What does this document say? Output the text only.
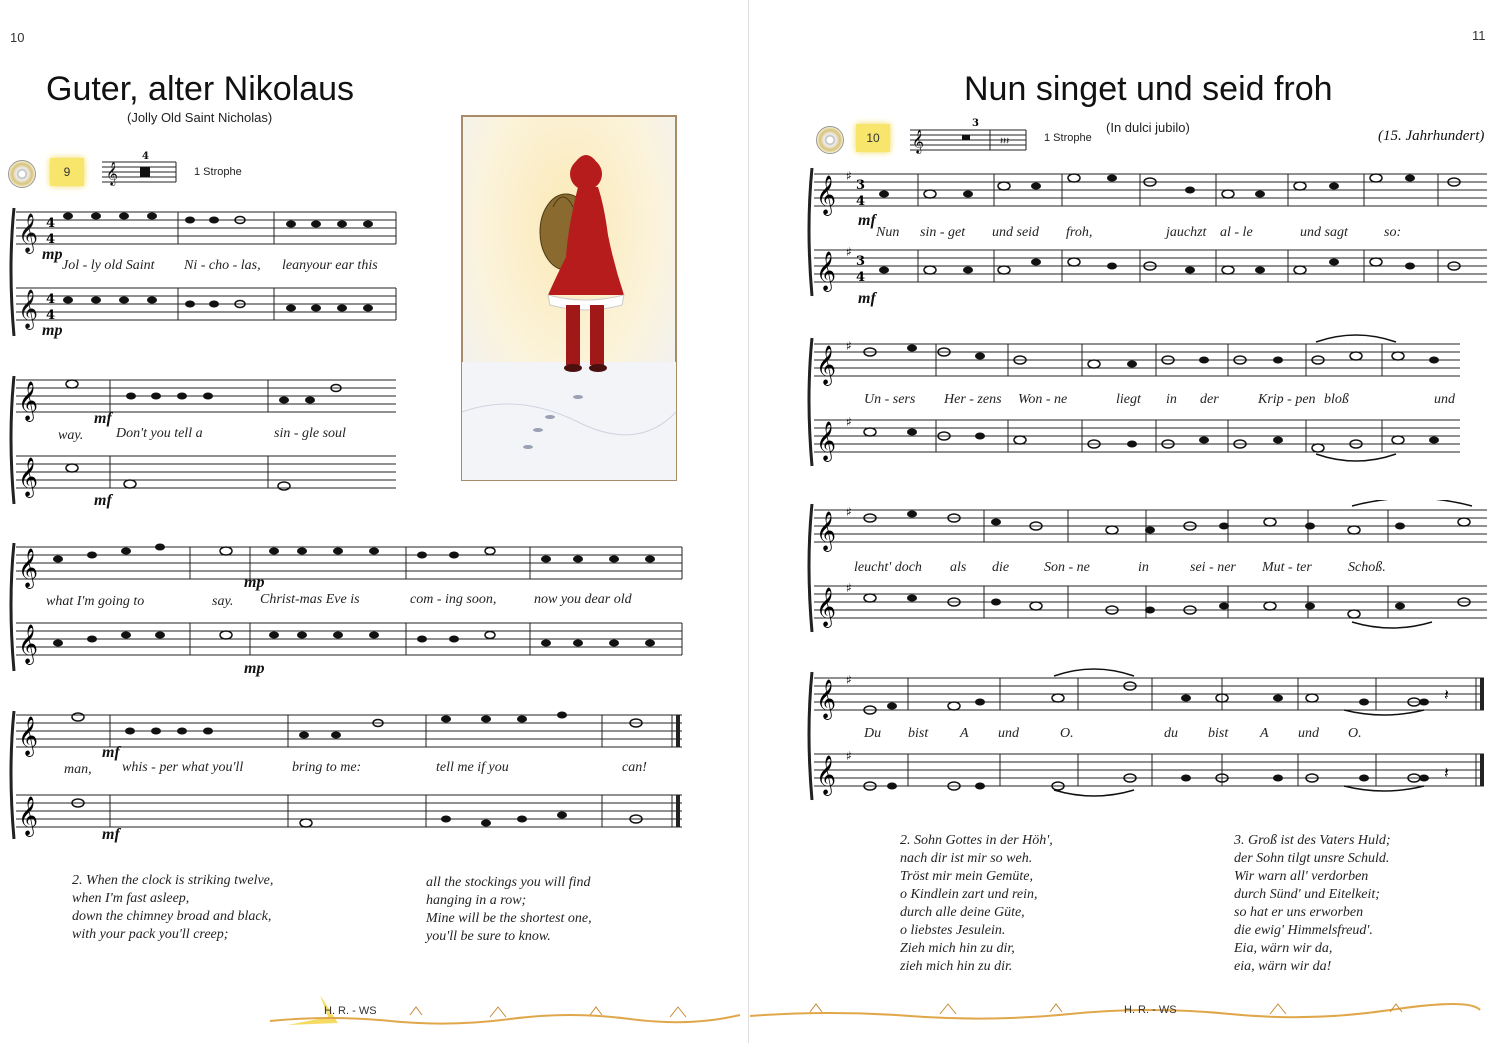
10
Guter, alter Nikolaus
(Jolly Old Saint Nicholas)
9 𝄞
4
1 Strophe
𝄞
𝄞
4
4
4
4
mp
mp
Jol - ly old Saint Ni - cho - las, leanyour ear this
𝄞
𝄞
mf
mf
way. Don't you tell a	sin - gle soul
𝄞
𝄞
mp
mp
what I'm going to	say. Christ-mas Eve is	com - ing soon,	now you dear old
𝄞
𝄞
mf
mf
man, whis - per what you'll	bring to me:	tell me if you	can!
2. When the clock is striking twelve,
when I'm fast asleep,
down the chimney broad and black,
with your pack you'll creep;
all the stockings you will find
hanging in a row;
Mine will be the shortest one,
you'll be sure to know.
H. R. - WS
11
Nun singet und seid froh
(In dulci jubilo)
(15. Jahrhundert)
10 𝄞
3
𝄽𝄽𝄽	1 Strophe
𝄞
𝄞
♯
♯
3
4
3
4
mf
mf
Nun sin - get und seid froh,	jauchzt al - le	und sagt	so:
𝄞
𝄞
♯
♯
Un - sers Her - zens Won - ne	liegt in der	Krip - pen bloß	und
𝄞
𝄞
♯
♯
leucht' doch als die Son - ne	in	sei - ner Mut - ter	Schoß.
𝄞
𝄞
♯
♯
𝄽
𝄽
Du bist A und	O.	du bist A und O.
2. Sohn Gottes in der Höh',
nach dir ist mir so weh.
Tröst mir mein Gemüte,
o Kindlein zart und rein,
durch alle deine Güte,
o liebstes Jesulein.
Zieh mich hin zu dir,
zieh mich hin zu dir.
3. Groß ist des Vaters Huld;
der Sohn tilgt unsre Schuld.
Wir warn all' verdorben
durch Sünd' und Eitelkeit;
so hat er uns erworben
die ewig' Himmelsfreud'.
Eia, wärn wir da,
eia, wärn wir da!
H. R. - WS
